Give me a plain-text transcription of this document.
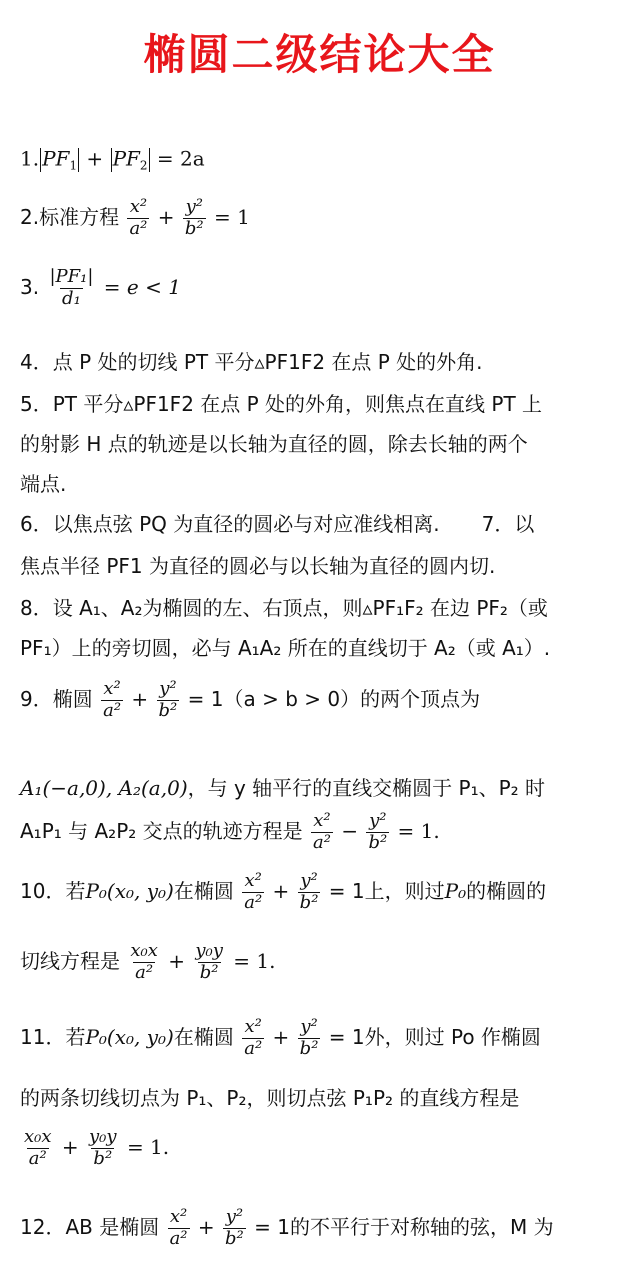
椭圆二级结论大全
1. $PF_1 + PF_2 = 2a$
2.标准方程 $\frac{\text{x²}}{\text{a²}} + \frac{\text{y²}}{\text{b²}} = 1$
3. $\frac{\text{|PF₁|}}{\text{d₁}} = e < 1$
4．点 P 处的切线 PT 平分▵PF1F2 在点 P 处的外角.
5．PT 平分▵PF1F2 在点 P 处的外角，则焦点在直线 PT 上
的射影 H 点的轨迹是以长轴为直径的圆，除去长轴的两个
端点.
6．以焦点弦 PQ 为直径的圆必与对应准线相离. 7．以
焦点半径 PF1 为直径的圆必与以长轴为直径的圆内切.
8．设 A₁、A₂为椭圆的左、右顶点，则▵PF₁F₂ 在边 PF₂（或
PF₁）上的旁切圆，必与 A₁A₂ 所在的直线切于 A₂（或 A₁）.
9．椭圆 $\frac{\text{x²}}{\text{a²}} + \frac{\text{y²}}{\text{b²}} = 1(a > b > 0)$的两个顶点为
A₁(−a,0), A₂(a,0)，与 y 轴平行的直线交椭圆于 P₁、P₂ 时
A₁P₁ 与 A₂P₂ 交点的轨迹方程是 $\frac{\text{x²}}{\text{a²}} - \frac{\text{y²}}{\text{b²}} = 1$.
10．若P₀(x₀, y₀)在椭圆 $\frac{\text{x²}}{\text{a²}} + \frac{\text{y²}}{\text{b²}} = 1$上，则过P₀的椭圆的
切线方程是 $\frac{\text{x₀x}}{\text{a²}} + \frac{\text{y₀y}}{\text{b²}} = 1$.
11．若P₀(x₀, y₀)在椭圆 $\frac{\text{x²}}{\text{a²}} + \frac{\text{y²}}{\text{b²}} = 1$外，则过 Po 作椭圆
的两条切线切点为 P₁、P₂，则切点弦 P₁P₂ 的直线方程是
$\frac{\text{x₀x}}{\text{a²}} + \frac{\text{y₀y}}{\text{b²}} = 1$.
12．AB 是椭圆 $\frac{\text{x²}}{\text{a²}} + \frac{\text{y²}}{\text{b²}} = 1$的不平行于对称轴的弦，M 为
